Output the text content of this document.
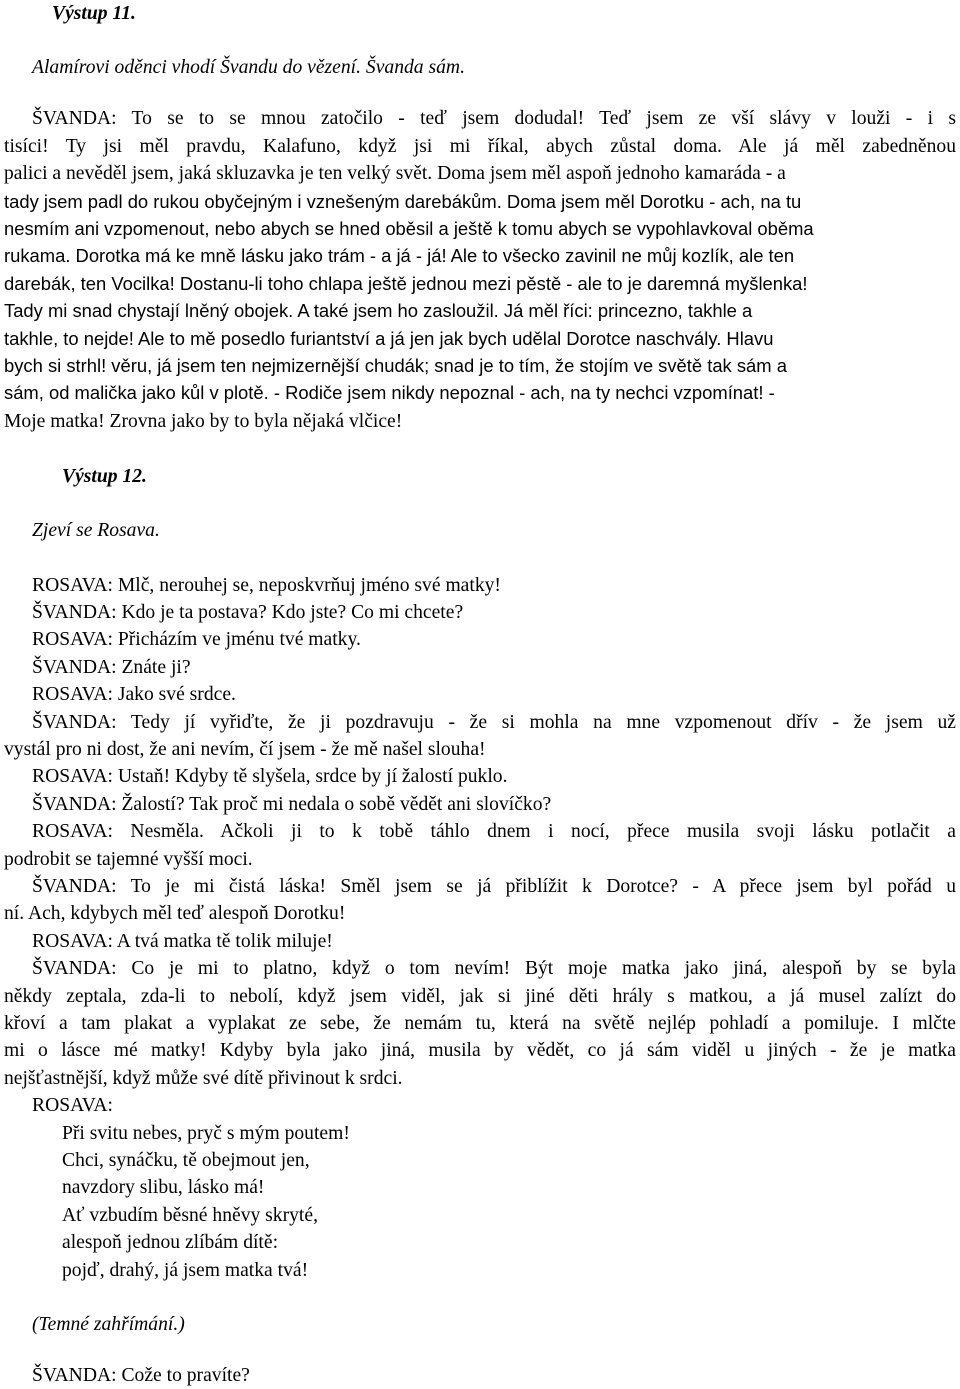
Výstup 11.
Alamírovi oděnci vhodí Švandu do vězení. Švanda sám.
ŠVANDA: To se to se mnou zatočilo - teď jsem dodudal! Teď jsem ze vší slávy v louži - i s
tisíci! Ty jsi měl pravdu, Kalafuno, když jsi mi říkal, abych zůstal doma. Ale já měl zabedněnou
palici a nevěděl jsem, jaká skluzavka je ten velký svět. Doma jsem měl aspoň jednoho kamaráda - a
tady jsem padl do rukou obyčejným i vznešeným darebákům. Doma jsem měl Dorotku - ach, na tu
nesmím ani vzpomenout, nebo abych se hned oběsil a ještě k tomu abych se vypohlavkoval oběma
rukama. Dorotka má ke mně lásku jako trám - a já - já! Ale to všecko zavinil ne můj kozlík, ale ten
darebák, ten Vocilka! Dostanu-li toho chlapa ještě jednou mezi pěstě - ale to je daremná myšlenka!
Tady mi snad chystají lněný obojek. A také jsem ho zasloužil. Já měl říci: princezno, takhle a
takhle, to nejde! Ale to mě posedlo furiantství a já jen jak bych udělal Dorotce naschvály. Hlavu
bych si strhl! věru, já jsem ten nejmizernější chudák; snad je to tím, že stojím ve světě tak sám a
sám, od malička jako kůl v plotě. - Rodiče jsem nikdy nepoznal - ach, na ty nechci vzpomínat! -
Moje matka! Zrovna jako by to byla nějaká vlčice!
Výstup 12.
Zjeví se Rosava.
ROSAVA: Mlč, nerouhej se, neposkvrňuj jméno své matky!
ŠVANDA: Kdo je ta postava? Kdo jste? Co mi chcete?
ROSAVA: Přicházím ve jménu tvé matky.
ŠVANDA: Znáte ji?
ROSAVA: Jako své srdce.
ŠVANDA: Tedy jí vyřiďte, že ji pozdravuju - že si mohla na mne vzpomenout dřív - že jsem už
vystál pro ni dost, že ani nevím, čí jsem - že mě našel slouha!
ROSAVA: Ustaň! Kdyby tě slyšela, srdce by jí žalostí puklo.
ŠVANDA: Žalostí? Tak proč mi nedala o sobě vědět ani slovíčko?
ROSAVA: Nesměla. Ačkoli ji to k tobě táhlo dnem i nocí, přece musila svoji lásku potlačit a
podrobit se tajemné vyšší moci.
ŠVANDA: To je mi čistá láska! Směl jsem se já přiblížit k Dorotce? - A přece jsem byl pořád u
ní. Ach, kdybych měl teď alespoň Dorotku!
ROSAVA: A tvá matka tě tolik miluje!
ŠVANDA: Co je mi to platno, když o tom nevím! Být moje matka jako jiná, alespoň by se byla
někdy zeptala, zda-li to nebolí, když jsem viděl, jak si jiné děti hrály s matkou, a já musel zalízt do
křoví a tam plakat a vyplakat ze sebe, že nemám tu, která na světě nejlép pohladí a pomiluje. I mlčte
mi o lásce mé matky! Kdyby byla jako jiná, musila by vědět, co já sám viděl u jiných - že je matka
nejšťastnější, když může své dítě přivinout k srdci.
ROSAVA:
Při svitu nebes, pryč s mým poutem!
Chci, synáčku, tě obejmout jen,
navzdory slibu, lásko má!
Ať vzbudím běsné hněvy skryté,
alespoň jednou zlíbám dítě:
pojď, drahý, já jsem matka tvá!
(Temné zahřímání.)
ŠVANDA: Cože to pravíte?
